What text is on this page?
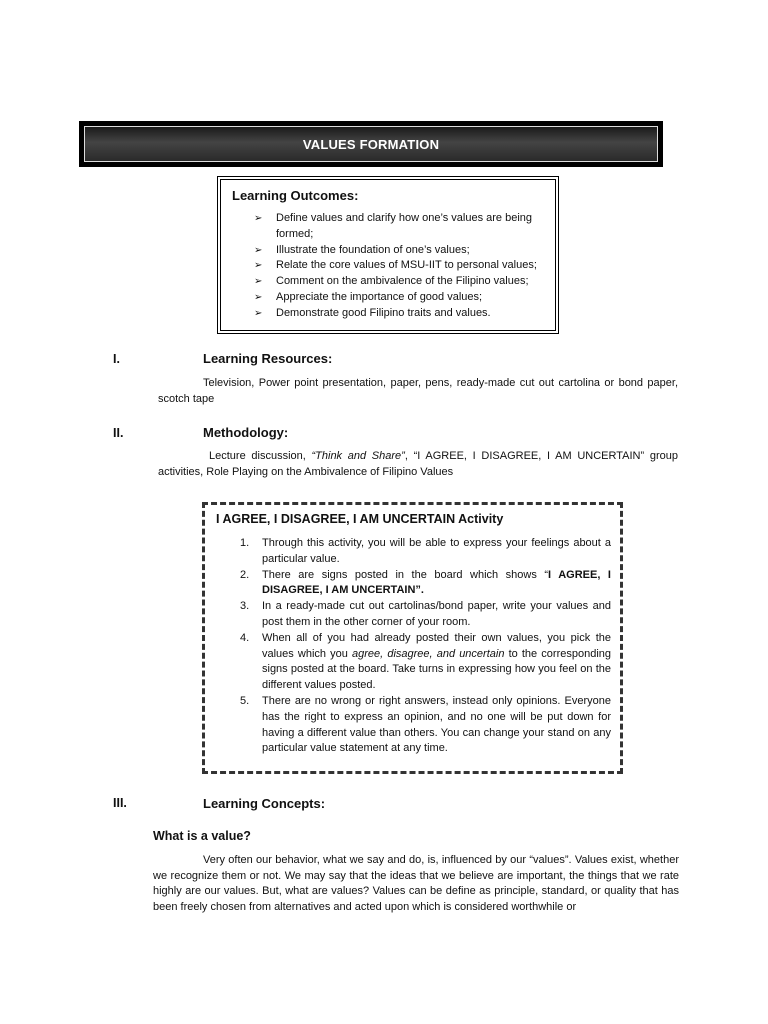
VALUES FORMATION
Learning Outcomes:
➢ Define values and clarify how one’s values are being formed;
➢ Illustrate the foundation of one’s values;
➢ Relate the core values of MSU-IIT to personal values;
➢ Comment on the ambivalence of the Filipino values;
➢ Appreciate the importance of good values;
➢ Demonstrate good Filipino traits and values.
I.	Learning Resources:
Television, Power point presentation, paper, pens, ready-made cut out cartolina or bond paper, scotch tape
II.	Methodology:
Lecture discussion, “Think and Share”, “I AGREE, I DISAGREE, I AM UNCERTAIN” group activities, Role Playing on the Ambivalence of Filipino Values
I AGREE, I DISAGREE, I AM UNCERTAIN Activity
1. Through this activity, you will be able to express your feelings about a particular value.
2. There are signs posted in the board which shows “I AGREE, I DISAGREE, I AM UNCERTAIN”.
3. In a ready-made cut out cartolinas/bond paper, write your values and post them in the other corner of your room.
4. When all of you had already posted their own values, you pick the values which you agree, disagree, and uncertain to the corresponding signs posted at the board. Take turns in expressing how you feel on the different values posted.
5. There are no wrong or right answers, instead only opinions. Everyone has the right to express an opinion, and no one will be put down for having a different value than others. You can change your stand on any particular value statement at any time.
III.	Learning Concepts:
What is a value?
Very often our behavior, what we say and do, is, influenced by our “values”. Values exist, whether we recognize them or not. We may say that the ideas that we believe are important, the things that we rate highly are our values. But, what are values? Values can be define as principle, standard, or quality that has been freely chosen from alternatives and acted upon which is considered worthwhile or
